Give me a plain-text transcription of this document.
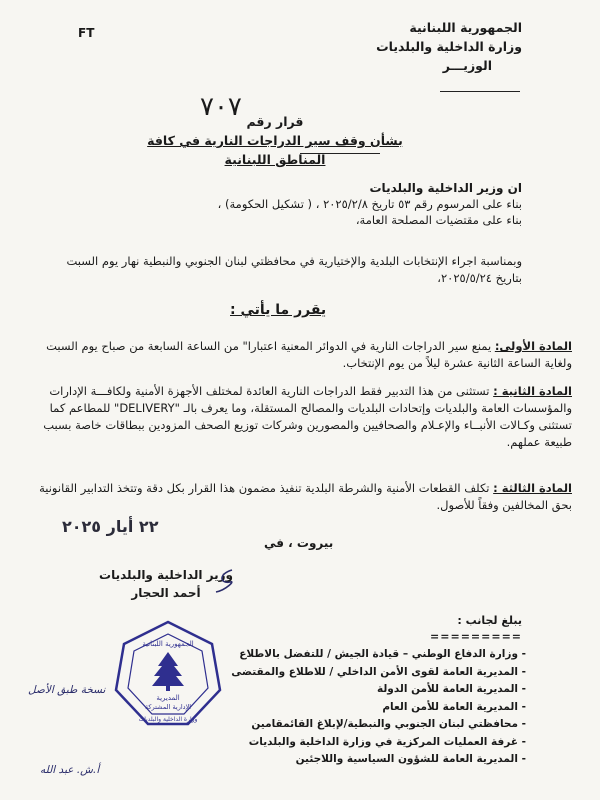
FT	الجمهورية اللبنانية
وزارة الداخلية والبلديات
الوزيـــر
٧٠٧ قرار رقم
بشأن وقف سير الدراجات النارية في كافة المناطق اللبنانية
ان وزير الداخلية والبلديات
بناء على المرسوم رقم ٥٣ تاريخ ٢٠٢٥/٢/٨ ، ( تشكيل الحكومة) ،
بناء على مقتضيات المصلحة العامة،
وبمناسبة اجراء الإنتخابات البلدية والإختيارية في محافظتي لبنان الجنوبي والنبطية نهار يوم السبت بتاريخ ٢٠٢٥/٥/٢٤،
يقرر ما يأتي :
المادة الأولى: يمنع سير الدراجات النارية في الدوائر المعنية اعتبارا" من الساعة السابعة من صباح يوم السبت ولغاية الساعة الثانية عشرة ليلاً من يوم الإنتخاب.
المادة الثانية : تستثنى من هذا التدبير فقط الدراجات النارية العائدة لمختلف الأجهزة الأمنية ولكافـــة الإدارات والمؤسسات العامة والبلديات وإتحادات البلديات والمصالح المستقلة، وما يعرف بالـ "DELIVERY" للمطاعم كما تستثنى وكـالات الأنبــاء والإعـلام والصحافيين والمصورين وشركات توزيع الصحف المزودين ببطاقات خاصة بسبب طبيعة عملهم.
المادة الثالثة : تكلف القطعات الأمنية والشرطة البلدية تنفيذ مضمون هذا القرار بكل دقة وتتخذ التدابير القانونية بحق المخالفين وفقاً للأصول.
٢٢ أيار ٢٠٢٥
بيروت ، في
وزير الداخلية والبلديات
أحمد الحجار
الجمهورية اللبنانية
المديرية
الإدارية المشتركة
وزارة الداخلية والبلديات
نسخة طبق الأصل
أ.ش. عبد الله
يبلغ لجانب :
=========
- وزارة الدفاع الوطني – قيادة الجيش / للتفضل بالاطلاع
- المديرية العامة لقوى الأمن الداخلي / للاطلاع والمقتضى
- المديرية العامة للأمن الدولة
- المديرية العامة للأمن العام
- محافظتي لبنان الجنوبي والنبطية/لإبلاغ القائمقامين
- غرفة العمليات المركزية في وزارة الداخلية والبلديات
- المديرية العامة للشؤون السياسية واللاجئين
